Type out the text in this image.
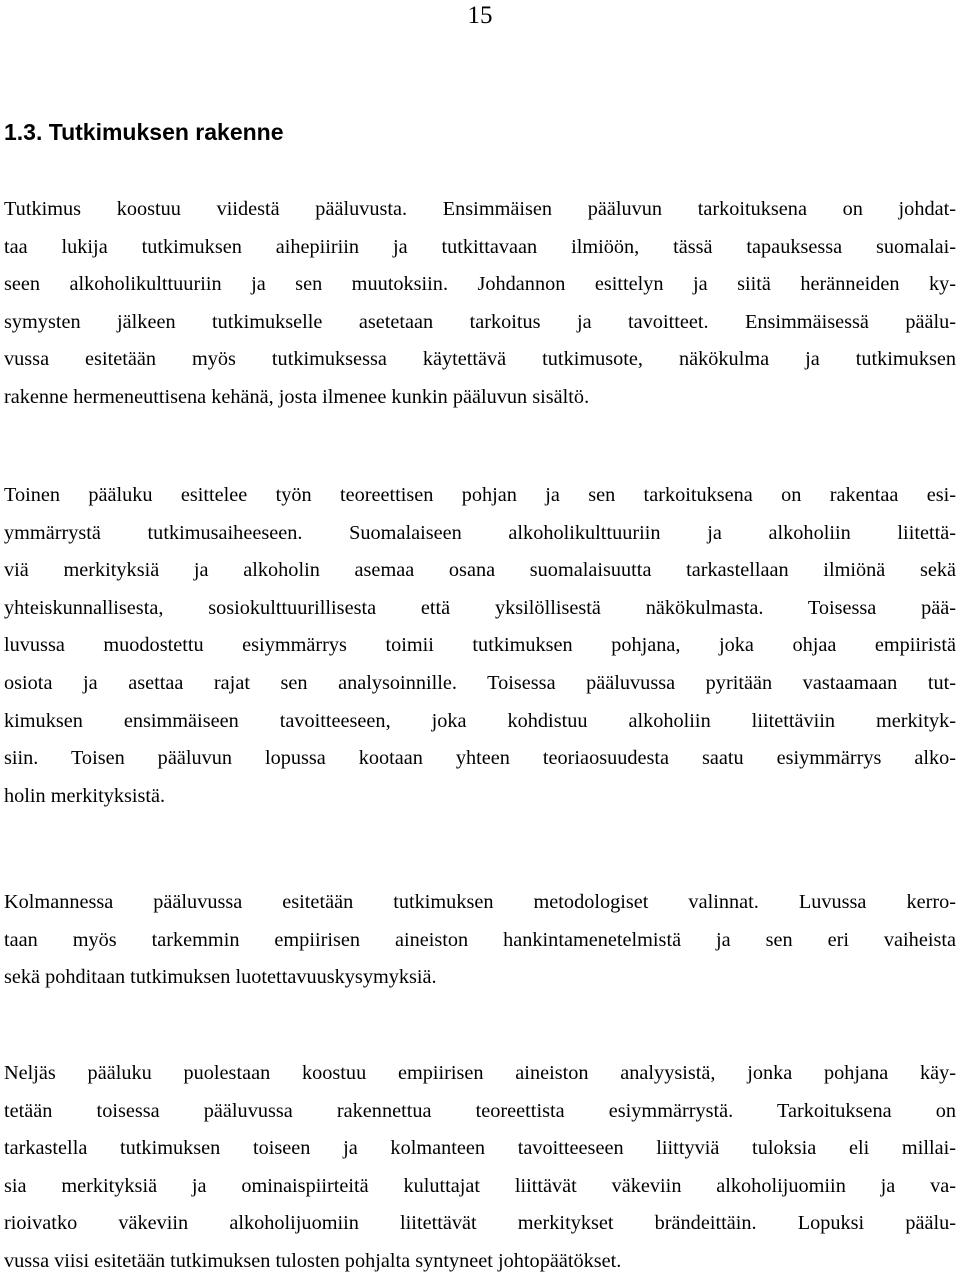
15
1.3. Tutkimuksen rakenne

Tutkimus koostuu viidestä pääluvusta. Ensimmäisen pääluvun tarkoituksena on johdat-
taa lukija tutkimuksen aihepiiriin ja tutkittavaan ilmiöön, tässä tapauksessa suomalai-
seen alkoholikulttuuriin ja sen muutoksiin. Johdannon esittelyn ja siitä heränneiden ky-
symysten jälkeen tutkimukselle asetetaan tarkoitus ja tavoitteet. Ensimmäisessä päälu-
vussa esitetään myös tutkimuksessa käytettävä tutkimusote, näkökulma ja tutkimuksen
rakenne hermeneuttisena kehänä, josta ilmenee kunkin pääluvun sisältö.

Toinen pääluku esittelee työn teoreettisen pohjan ja sen tarkoituksena on rakentaa esi-
ymmärrystä tutkimusaiheeseen. Suomalaiseen alkoholikulttuuriin ja alkoholiin liitettä-
viä merkityksiä ja alkoholin asemaa osana suomalaisuutta tarkastellaan ilmiönä sekä
yhteiskunnallisesta, sosiokulttuurillisesta että yksilöllisestä näkökulmasta. Toisessa pää-
luvussa muodostettu esiymmärrys toimii tutkimuksen pohjana, joka ohjaa empiiristä
osiota ja asettaa rajat sen analysoinnille. Toisessa pääluvussa pyritään vastaamaan tut-
kimuksen ensimmäiseen tavoitteeseen, joka kohdistuu alkoholiin liitettäviin merkityk-
siin. Toisen pääluvun lopussa kootaan yhteen teoriaosuudesta saatu esiymmärrys alko-
holin merkityksistä.

Kolmannessa pääluvussa esitetään tutkimuksen metodologiset valinnat. Luvussa kerro-
taan myös tarkemmin empiirisen aineiston hankintamenetelmistä ja sen eri vaiheista
sekä pohditaan tutkimuksen luotettavuuskysymyksiä.

Neljäs pääluku puolestaan koostuu empiirisen aineiston analyysistä, jonka pohjana käy-
tetään toisessa pääluvussa rakennettua teoreettista esiymmärrystä. Tarkoituksena on
tarkastella tutkimuksen toiseen ja kolmanteen tavoitteeseen liittyviä tuloksia eli millai-
sia merkityksiä ja ominaispiirteitä kuluttajat liittävät väkeviin alkoholijuomiin ja va-
rioivatko väkeviin alkoholijuomiin liitettävät merkitykset brändeittäin. Lopuksi päälu-
vussa viisi esitetään tutkimuksen tulosten pohjalta syntyneet johtopäätökset.
